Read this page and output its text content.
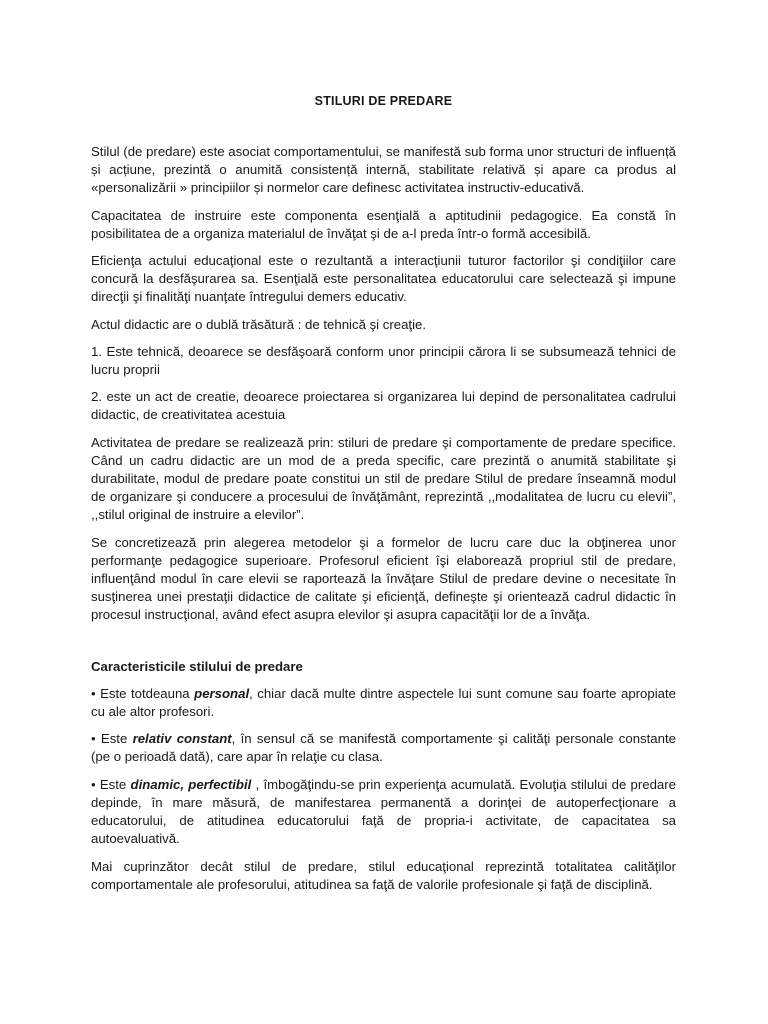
STILURI DE PREDARE

Stilul (de predare) este asociat comportamentului, se manifestă sub forma unor structuri de influență și acțiune, prezintă o anumită consistență internă, stabilitate relativă și apare ca produs al «personalizării » principiilor și normelor care definesc activitatea instructiv-educativă.

Capacitatea de instruire este componenta esenţială a aptitudinii pedagogice. Ea constă în posibilitatea de a organiza materialul de învăţat şi de a-l preda într-o formă accesibilă.

Eficienţa actului educaţional este o rezultantă a interacţiunii tuturor factorilor şi condiţiilor care concură la desfăşurarea sa. Esenţială este personalitatea educatorului care selectează şi impune direcţii şi finalităţi nuanţate întregului demers educativ.

Actul didactic are o dublă trăsătură : de tehnică şi creaţie.

1. Este tehnică, deoarece se desfăşoară conform unor principii cărora li se subsumează tehnici de lucru proprii

2. este un act de creatie, deoarece proiectarea si organizarea lui depind de personalitatea cadrului didactic, de creativitatea acestuia

Activitatea de predare se realizează prin: stiluri de predare şi comportamente de predare specifice. Când un cadru didactic are un mod de a preda specific, care prezintă o anumită stabilitate şi durabilitate, modul de predare poate constitui un stil de predare Stilul de predare înseamnă modul de organizare şi conducere a procesului de învăţământ, reprezintă ,,modalitatea de lucru cu elevii”, ,,stilul original de instruire a elevilor”.

Se concretizează prin alegerea metodelor şi a formelor de lucru care duc la obţinerea unor performanţe pedagogice superioare. Profesorul eficient îşi elaborează propriul stil de predare, influenţând modul în care elevii se raportează la învăţare Stilul de predare devine o necesitate în susţinerea unei prestaţii didactice de calitate şi eficienţă, defineşte şi orientează cadrul didactic în procesul instrucţional, având efect asupra elevilor şi asupra capacităţii lor de a învăţa.

Caracteristicile stilului de predare

• Este totdeauna personal, chiar dacă multe dintre aspectele lui sunt comune sau foarte apropiate cu ale altor profesori.

• Este relativ constant, în sensul că se manifestă comportamente şi calităţi personale constante (pe o perioadă dată), care apar în relaţie cu clasa.

• Este dinamic, perfectibil , îmbogăţindu-se prin experienţa acumulată. Evoluţia stilului de predare depinde, în mare măsură, de manifestarea permanentă a dorinţei de autoperfecţionare a educatorului, de atitudinea educatorului faţă de propria-i activitate, de capacitatea sa autoevaluativă.

Mai cuprinzător decât stilul de predare, stilul educaţional reprezintă totalitatea calităţilor comportamentale ale profesorului, atitudinea sa faţă de valorile profesionale şi faţă de disciplină.
